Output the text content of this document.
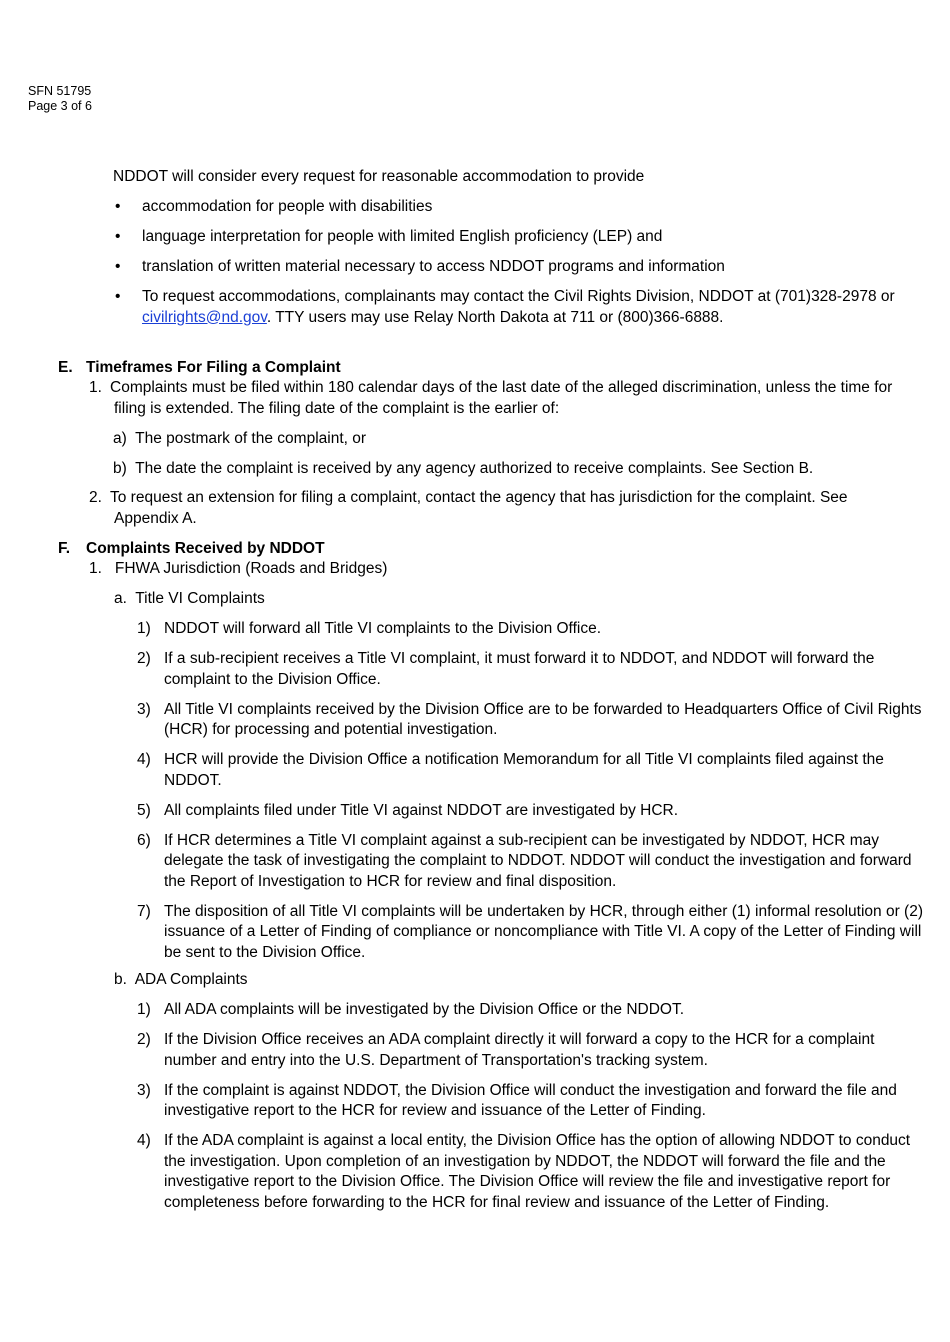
SFN 51795
Page 3 of 6
NDDOT will consider every request for reasonable accommodation to provide
• accommodation for people with disabilities
• language interpretation for people with limited English proficiency (LEP) and
• translation of written material necessary to access NDDOT programs and information
• To request accommodations, complainants may contact the Civil Rights Division, NDDOT at (701)328-2978 or civilrights@nd.gov. TTY users may use Relay North Dakota at 711 or (800)366-6888.
E. Timeframes For Filing a Complaint
1. Complaints must be filed within 180 calendar days of the last date of the alleged discrimination, unless the time for filing is extended. The filing date of the complaint is the earlier of:
a) The postmark of the complaint, or
b) The date the complaint is received by any agency authorized to receive complaints. See Section B.
2. To request an extension for filing a complaint, contact the agency that has jurisdiction for the complaint. See Appendix A.
F. Complaints Received by NDDOT
1. FHWA Jurisdiction (Roads and Bridges)
a. Title VI Complaints
1) NDDOT will forward all Title VI complaints to the Division Office.
2) If a sub-recipient receives a Title VI complaint, it must forward it to NDDOT, and NDDOT will forward the complaint to the Division Office.
3) All Title VI complaints received by the Division Office are to be forwarded to Headquarters Office of Civil Rights (HCR) for processing and potential investigation.
4) HCR will provide the Division Office a notification Memorandum for all Title VI complaints filed against the NDDOT.
5) All complaints filed under Title VI against NDDOT are investigated by HCR.
6) If HCR determines a Title VI complaint against a sub-recipient can be investigated by NDDOT, HCR may delegate the task of investigating the complaint to NDDOT. NDDOT will conduct the investigation and forward the Report of Investigation to HCR for review and final disposition.
7) The disposition of all Title VI complaints will be undertaken by HCR, through either (1) informal resolution or (2) issuance of a Letter of Finding of compliance or noncompliance with Title VI. A copy of the Letter of Finding will be sent to the Division Office.
b. ADA Complaints
1) All ADA complaints will be investigated by the Division Office or the NDDOT.
2) If the Division Office receives an ADA complaint directly it will forward a copy to the HCR for a complaint number and entry into the U.S. Department of Transportation's tracking system.
3) If the complaint is against NDDOT, the Division Office will conduct the investigation and forward the file and investigative report to the HCR for review and issuance of the Letter of Finding.
4) If the ADA complaint is against a local entity, the Division Office has the option of allowing NDDOT to conduct the investigation. Upon completion of an investigation by NDDOT, the NDDOT will forward the file and the investigative report to the Division Office. The Division Office will review the file and investigative report for completeness before forwarding to the HCR for final review and issuance of the Letter of Finding.
